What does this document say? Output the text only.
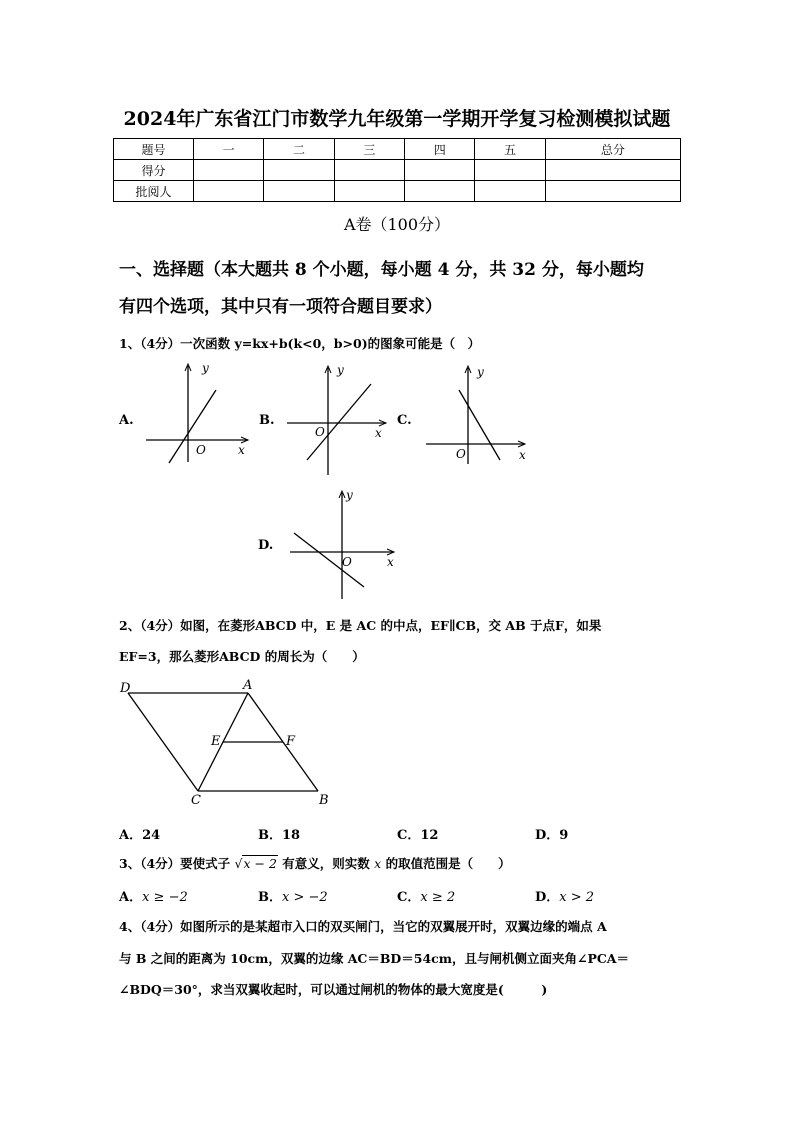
2024年广东省江门市数学九年级第一学期开学复习检测模拟试题
题号	一	二	三	四	五	总分
得分						
批阅人						
A卷（100分）
一、选择题（本大题共 8 个小题，每小题 4 分，共 32 分，每小题均
有四个选项，其中只有一项符合题目要求）
1、（4分）一次函数 y=kx+b(k<0，b>0)的图象可能是（　）
A.
y
x
O
B.
y
x
O
C.
y
x
O
D.
y
x
O
2、（4分）如图，在菱形ABCD 中，E 是 AC 的中点，EF∥CB，交 AB 于点F，如果
EF=3，那么菱形ABCD 的周长为（　　）
D	A
E	F
C	B
A．24	B．18	C．12	D．9
3、（4分）要使式子 √x − 2 有意义，则实数 x 的取值范围是（　　）
A．x ≥ −2	B．x > −2	C．x ≥ 2	D．x > 2
4、（4分）如图所示的是某超市入口的双买闸门，当它的双翼展开时，双翼边缘的端点 A
与 B 之间的距离为 10cm，双翼的边缘 AC＝BD＝54cm，且与闸机侧立面夹角∠PCA＝
∠BDQ＝30°，求当双翼收起时，可以通过闸机的物体的最大宽度是(　　　)
